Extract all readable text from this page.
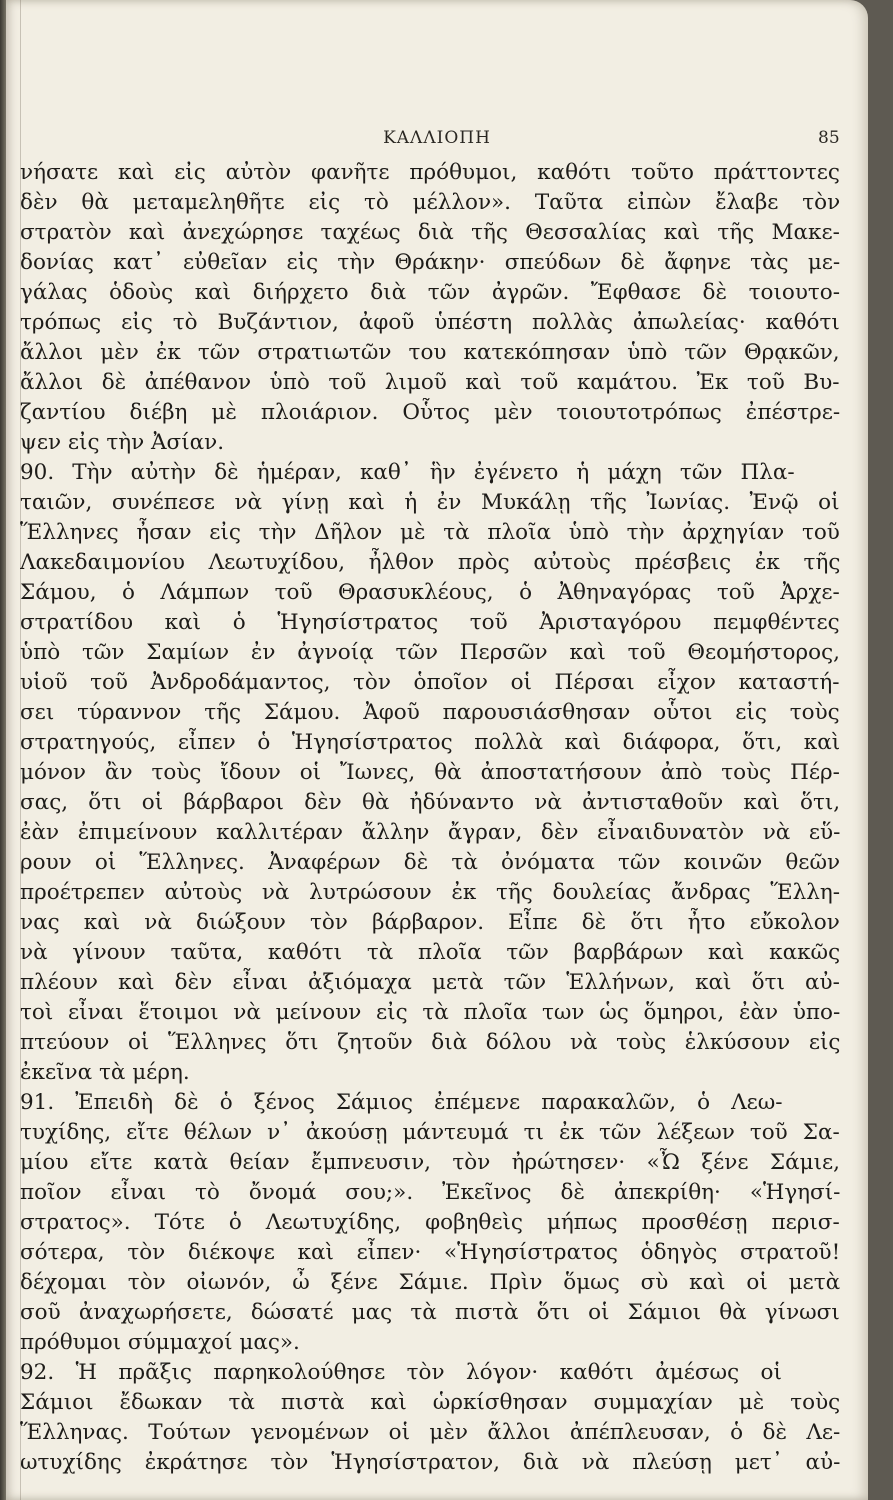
ΚΑΛΛΙΟΠΗ	85
νήσατε καὶ εἰς αὐτὸν φανῆτε πρόθυμοι, καθότι τοῦτο πράττοντες
δὲν θὰ μεταμεληθῆτε εἰς τὸ μέλλον». Ταῦτα εἰπὼν ἔλαβε τὸν
στρατὸν καὶ ἀνεχώρησε ταχέως διὰ τῆς Θεσσαλίας καὶ τῆς Μακε-
δονίας κατ᾽ εὐθεῖαν εἰς τὴν Θράκην· σπεύδων δὲ ἄφηνε τὰς με-
γάλας ὁδοὺς καὶ διήρχετο διὰ τῶν ἀγρῶν. Ἔφθασε δὲ τοιουτο-
τρόπως εἰς τὸ Βυζάντιον, ἀφοῦ ὑπέστη πολλὰς ἀπωλείας· καθότι
ἄλλοι μὲν ἐκ τῶν στρατιωτῶν του κατεκόπησαν ὑπὸ τῶν Θρᾳκῶν,
ἄλλοι δὲ ἀπέθανον ὑπὸ τοῦ λιμοῦ καὶ τοῦ καμάτου. Ἐκ τοῦ Βυ-
ζαντίου διέβη μὲ πλοιάριον. Οὗτος μὲν τοιουτοτρόπως ἐπέστρε-
ψεν εἰς τὴν Ἀσίαν.
90. Τὴν αὐτὴν δὲ ἡμέραν, καθ᾽ ἣν ἐγένετο ἡ μάχη τῶν Πλα-
ταιῶν, συνέπεσε νὰ γίνῃ καὶ ἡ ἐν Μυκάλῃ τῆς Ἰωνίας. Ἐνῷ οἱ
Ἕλληνες ἦσαν εἰς τὴν Δῆλον μὲ τὰ πλοῖα ὑπὸ τὴν ἀρχηγίαν τοῦ
Λακεδαιμονίου Λεωτυχίδου, ἦλθον πρὸς αὐτοὺς πρέσβεις ἐκ τῆς
Σάμου, ὁ Λάμπων τοῦ Θρασυκλέους, ὁ Ἀθηναγόρας τοῦ Ἀρχε-
στρατίδου καὶ ὁ Ἡγησίστρατος τοῦ Ἀρισταγόρου πεμφθέντες
ὑπὸ τῶν Σαμίων ἐν ἀγνοίᾳ τῶν Περσῶν καὶ τοῦ Θεομήστορος,
υἱοῦ τοῦ Ἀνδροδάμαντος, τὸν ὁποῖον οἱ Πέρσαι εἶχον καταστή-
σει τύραννον τῆς Σάμου. Ἀφοῦ παρουσιάσθησαν οὗτοι εἰς τοὺς
στρατηγούς, εἶπεν ὁ Ἡγησίστρατος πολλὰ καὶ διάφορα, ὅτι, καὶ
μόνον ἂν τοὺς ἴδουν οἱ Ἴωνες, θὰ ἀποστατήσουν ἀπὸ τοὺς Πέρ-
σας, ὅτι οἱ βάρβαροι δὲν θὰ ἠδύναντο νὰ ἀντισταθοῦν καὶ ὅτι,
ἐὰν ἐπιμείνουν καλλιτέραν ἄλλην ἄγραν, δὲν εἶναιδυνατὸν νὰ εὕ-
ρουν οἱ Ἕλληνες. Ἀναφέρων δὲ τὰ ὀνόματα τῶν κοινῶν θεῶν
προέτρεπεν αὐτοὺς νὰ λυτρώσουν ἐκ τῆς δουλείας ἄνδρας Ἕλλη-
νας καὶ νὰ διώξουν τὸν βάρβαρον. Εἶπε δὲ ὅτι ἦτο εὔκολον
νὰ γίνουν ταῦτα, καθότι τὰ πλοῖα τῶν βαρβάρων καὶ κακῶς
πλέουν καὶ δὲν εἶναι ἀξιόμαχα μετὰ τῶν Ἑλλήνων, καὶ ὅτι αὐ-
τοὶ εἶναι ἕτοιμοι νὰ μείνουν εἰς τὰ πλοῖα των ὡς ὅμηροι, ἐὰν ὑπο-
πτεύουν οἱ Ἕλληνες ὅτι ζητοῦν διὰ δόλου νὰ τοὺς ἑλκύσουν εἰς
ἐκεῖνα τὰ μέρη.
91. Ἐπειδὴ δὲ ὁ ξένος Σάμιος ἐπέμενε παρακαλῶν, ὁ Λεω-
τυχίδης, εἴτε θέλων ν᾽ ἀκούσῃ μάντευμά τι ἐκ τῶν λέξεων τοῦ Σα-
μίου εἴτε κατὰ θείαν ἔμπνευσιν, τὸν ἠρώτησεν· «Ὦ ξένε Σάμιε,
ποῖον εἶναι τὸ ὄνομά σου;». Ἐκεῖνος δὲ ἀπεκρίθη· «Ἡγησί-
στρατος». Τότε ὁ Λεωτυχίδης, φοβηθεὶς μήπως προσθέσῃ περισ-
σότερα, τὸν διέκοψε καὶ εἶπεν· «Ἡγησίστρατος ὁδηγὸς στρατοῦ!
δέχομαι τὸν οἰωνόν, ὦ ξένε Σάμιε. Πρὶν ὅμως σὺ καὶ οἱ μετὰ
σοῦ ἀναχωρήσετε, δώσατέ μας τὰ πιστὰ ὅτι οἱ Σάμιοι θὰ γίνωσι
πρόθυμοι σύμμαχοί μας».
92. Ἡ πρᾶξις παρηκολούθησε τὸν λόγον· καθότι ἀμέσως οἱ
Σάμιοι ἔδωκαν τὰ πιστὰ καὶ ὡρκίσθησαν συμμαχίαν μὲ τοὺς
Ἕλληνας. Τούτων γενομένων οἱ μὲν ἄλλοι ἀπέπλευσαν, ὁ δὲ Λε-
ωτυχίδης ἐκράτησε τὸν Ἡγησίστρατον, διὰ νὰ πλεύσῃ μετ᾽ αὐ-
